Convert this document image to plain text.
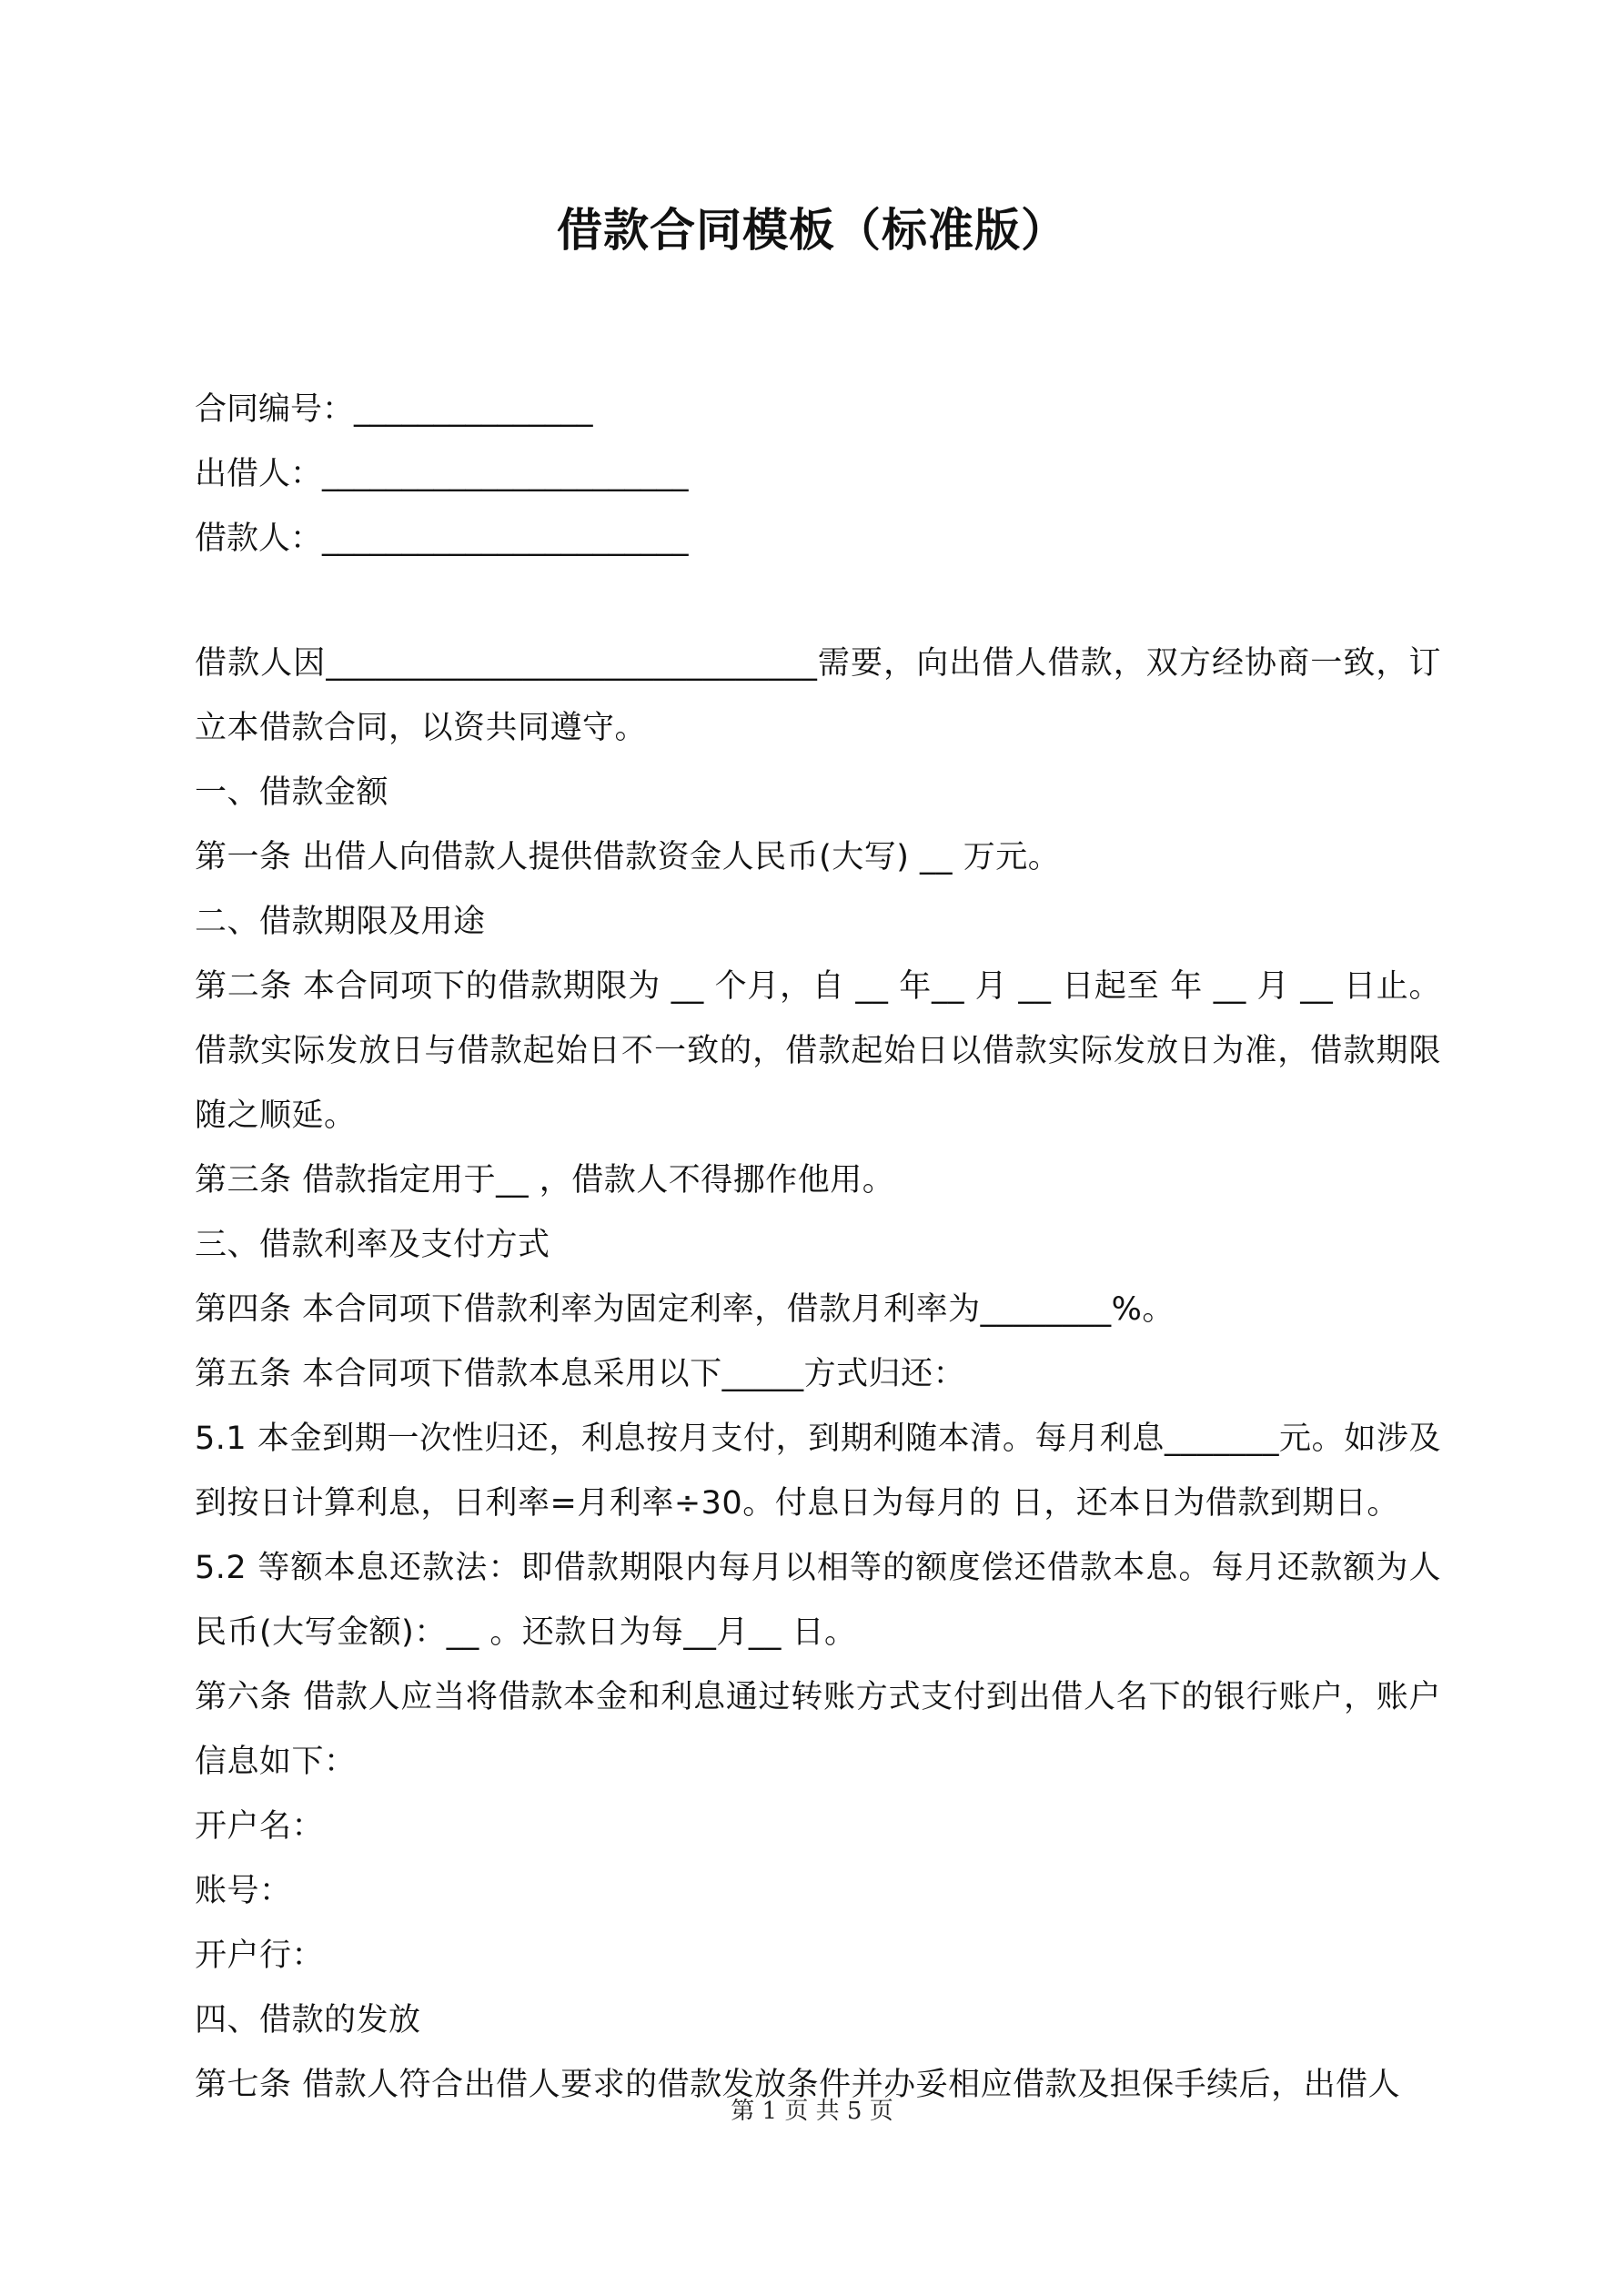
借款合同模板（标准版）
合同编号：_______________
出借人：_______________________
借款人：_______________________

借款人因______________________________需要，向出借人借款，双方经协商一致，订立本借款合同，以资共同遵守。

一、借款金额

第一条 出借人向借款人提供借款资金人民币(大写) __ 万元。

二、借款期限及用途

第二条 本合同项下的借款期限为 __ 个月，自 __ 年__ 月 __ 日起至 年 __ 月 __ 日止。借款实际发放日与借款起始日不一致的，借款起始日以借款实际发放日为准，借款期限随之顺延。

第三条 借款指定用于__ ，借款人不得挪作他用。

三、借款利率及支付方式

第四条 本合同项下借款利率为固定利率，借款月利率为________%。

第五条 本合同项下借款本息采用以下_____方式归还：

5.1 本金到期一次性归还，利息按月支付，到期利随本清。每月利息_______元。如涉及到按日计算利息，日利率=月利率÷30。付息日为每月的 日，还本日为借款到期日。

5.2 等额本息还款法：即借款期限内每月以相等的额度偿还借款本息。每月还款额为人民币(大写金额)：__ 。还款日为每__月__ 日。

第六条 借款人应当将借款本金和利息通过转账方式支付到出借人名下的银行账户，账户信息如下：

开户名：

账号：

开户行：

四、借款的发放

第七条 借款人符合出借人要求的借款发放条件并办妥相应借款及担保手续后，出借人

第 1 页 共 5 页
